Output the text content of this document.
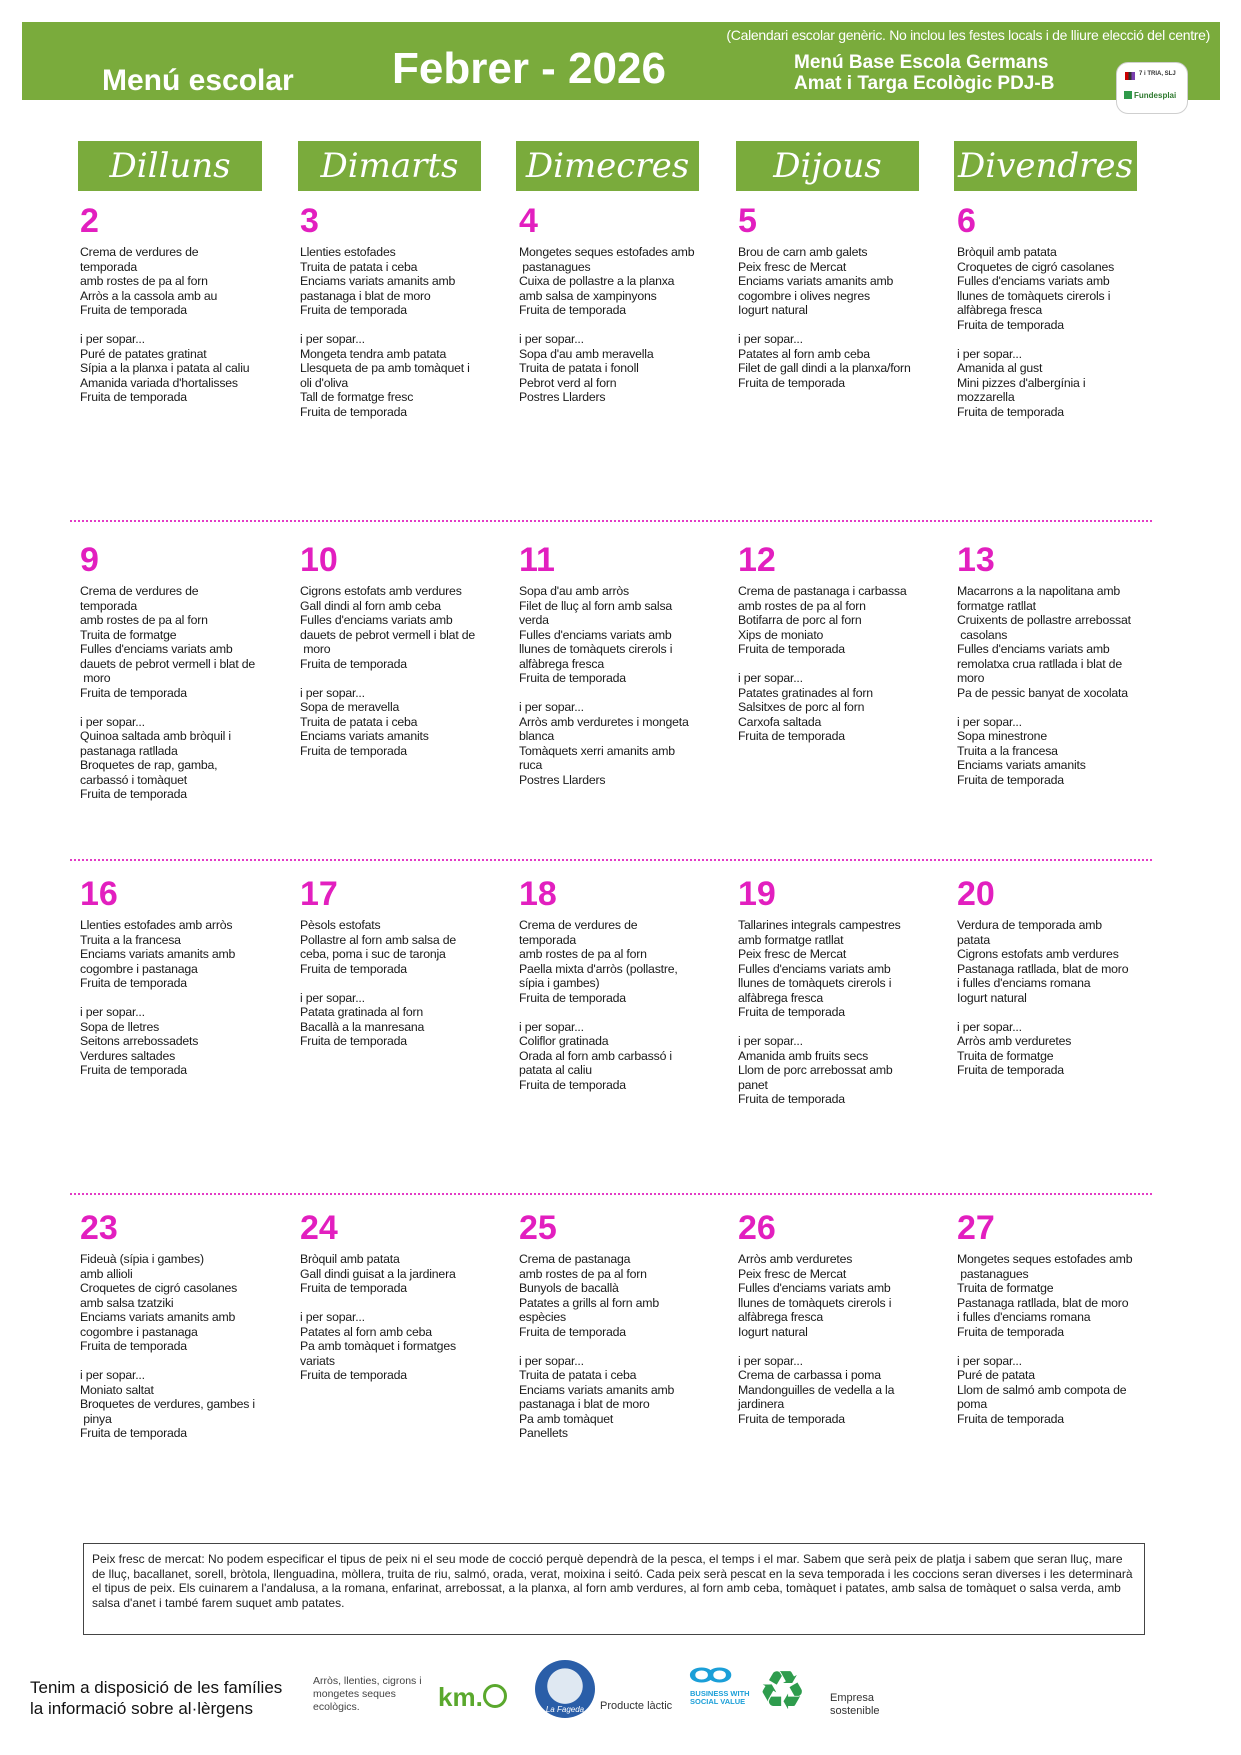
(Calendari escolar genèric. No inclou les festes locals i de lliure elecció del centre)
Menú escolar Febrer - 2026	Menú Base Escola Germans
Amat i Targa Ecològic PDJ-B	7 i TRIA, SLJ
Fundesplai
Dilluns	Dimarts	Dimecres	Dijous	Divendres
2
Crema de verdures de
temporada
amb rostes de pa al forn
Arròs a la cassola amb au
Fruita de temporada

i per sopar...
Puré de patates gratinat
Sípia a la planxa i patata al caliu
Amanida variada d'hortalisses
Fruita de temporada
3
Llenties estofades
Truita de patata i ceba
Enciams variats amanits amb
pastanaga i blat de moro
Fruita de temporada

i per sopar...
Mongeta tendra amb patata
Llesqueta de pa amb tomàquet i
oli d'oliva
Tall de formatge fresc
Fruita de temporada
4
Mongetes seques estofades amb
pastanagues
Cuixa de pollastre a la planxa
amb salsa de xampinyons
Fruita de temporada

i per sopar...
Sopa d'au amb meravella
Truita de patata i fonoll
Pebrot verd al forn
Postres Llarders
5
Brou de carn amb galets
Peix fresc de Mercat
Enciams variats amanits amb
cogombre i olives negres
Iogurt natural

i per sopar...
Patates al forn amb ceba
Filet de gall dindi a la planxa/forn
Fruita de temporada
6
Bròquil amb patata
Croquetes de cigró casolanes
Fulles d'enciams variats amb
llunes de tomàquets cirerols i
alfàbrega fresca
Fruita de temporada

i per sopar...
Amanida al gust
Mini pizzes d'albergínia i
mozzarella
Fruita de temporada
9
Crema de verdures de
temporada
amb rostes de pa al forn
Truita de formatge
Fulles d'enciams variats amb
dauets de pebrot vermell i blat de
moro
Fruita de temporada

i per sopar...
Quinoa saltada amb bròquil i
pastanaga ratllada
Broquetes de rap, gamba,
carbassó i tomàquet
Fruita de temporada
10
Cigrons estofats amb verdures
Gall dindi al forn amb ceba
Fulles d'enciams variats amb
dauets de pebrot vermell i blat de
moro
Fruita de temporada

i per sopar...
Sopa de meravella
Truita de patata i ceba
Enciams variats amanits
Fruita de temporada
11
Sopa d'au amb arròs
Filet de lluç al forn amb salsa
verda
Fulles d'enciams variats amb
llunes de tomàquets cirerols i
alfàbrega fresca
Fruita de temporada

i per sopar...
Arròs amb verduretes i mongeta
blanca
Tomàquets xerri amanits amb
ruca
Postres Llarders
12
Crema de pastanaga i carbassa
amb rostes de pa al forn
Botifarra de porc al forn
Xips de moniato
Fruita de temporada

i per sopar...
Patates gratinades al forn
Salsitxes de porc al forn
Carxofa saltada
Fruita de temporada
13
Macarrons a la napolitana amb
formatge ratllat
Cruixents de pollastre arrebossat
casolans
Fulles d'enciams variats amb
remolatxa crua ratllada i blat de
moro
Pa de pessic banyat de xocolata

i per sopar...
Sopa minestrone
Truita a la francesa
Enciams variats amanits
Fruita de temporada
16
Llenties estofades amb arròs
Truita a la francesa
Enciams variats amanits amb
cogombre i pastanaga
Fruita de temporada

i per sopar...
Sopa de lletres
Seitons arrebossadets
Verdures saltades
Fruita de temporada
17
Pèsols estofats
Pollastre al forn amb salsa de
ceba, poma i suc de taronja
Fruita de temporada

i per sopar...
Patata gratinada al forn
Bacallà a la manresana
Fruita de temporada
18
Crema de verdures de
temporada
amb rostes de pa al forn
Paella mixta d'arròs (pollastre,
sípia i gambes)
Fruita de temporada

i per sopar...
Coliflor gratinada
Orada al forn amb carbassó i
patata al caliu
Fruita de temporada
19
Tallarines integrals campestres
amb formatge ratllat
Peix fresc de Mercat
Fulles d'enciams variats amb
llunes de tomàquets cirerols i
alfàbrega fresca
Fruita de temporada

i per sopar...
Amanida amb fruits secs
Llom de porc arrebossat amb
panet
Fruita de temporada
20
Verdura de temporada amb
patata
Cigrons estofats amb verdures
Pastanaga ratllada, blat de moro
i fulles d'enciams romana
Iogurt natural

i per sopar...
Arròs amb verduretes
Truita de formatge
Fruita de temporada
23
Fideuà (sípia i gambes)
amb allioli
Croquetes de cigró casolanes
amb salsa tzatziki
Enciams variats amanits amb
cogombre i pastanaga
Fruita de temporada

i per sopar...
Moniato saltat
Broquetes de verdures, gambes i
pinya
Fruita de temporada
24
Bròquil amb patata
Gall dindi guisat a la jardinera
Fruita de temporada

i per sopar...
Patates al forn amb ceba
Pa amb tomàquet i formatges
variats
Fruita de temporada
25
Crema de pastanaga
amb rostes de pa al forn
Bunyols de bacallà
Patates a grills al forn amb
espècies
Fruita de temporada

i per sopar...
Truita de patata i ceba
Enciams variats amanits amb
pastanaga i blat de moro
Pa amb tomàquet
Panellets
26
Arròs amb verduretes
Peix fresc de Mercat
Fulles d'enciams variats amb
llunes de tomàquets cirerols i
alfàbrega fresca
Iogurt natural

i per sopar...
Crema de carbassa i poma
Mandonguilles de vedella a la
jardinera
Fruita de temporada
27
Mongetes seques estofades amb
pastanagues
Truita de formatge
Pastanaga ratllada, blat de moro
i fulles d'enciams romana
Fruita de temporada

i per sopar...
Puré de patata
Llom de salmó amb compota de
poma
Fruita de temporada
Peix fresc de mercat: No podem especificar el tipus de peix ni el seu mode de cocció perquè dependrà de la pesca, el temps i el mar. Sabem que serà peix de platja i sabem que seran lluç, mare de lluç, bacallanet, sorell, bròtola, llenguadina, mòllera, truita de riu, salmó, orada, verat, moixina i seitó. Cada peix serà pescat en la seva temporada i les coccions seran diverses i les determinarà el tipus de peix. Els cuinarem a l'andalusa, a la romana, enfarinat, arrebossat, a la planxa, al forn amb verdures, al forn amb ceba, tomàquet i patates, amb salsa de tomàquet o salsa verda, amb salsa d'anet i també farem suquet amb patates.
Tenim a disposició de les famílies
la informació sobre al·lèrgens
Arròs, llenties, cigrons i mongetes seques ecològics.	km.	La Fageda	Producte làctic
BUSINESS WITH SOCIAL VALUE ♻ Empresa
sostenible
